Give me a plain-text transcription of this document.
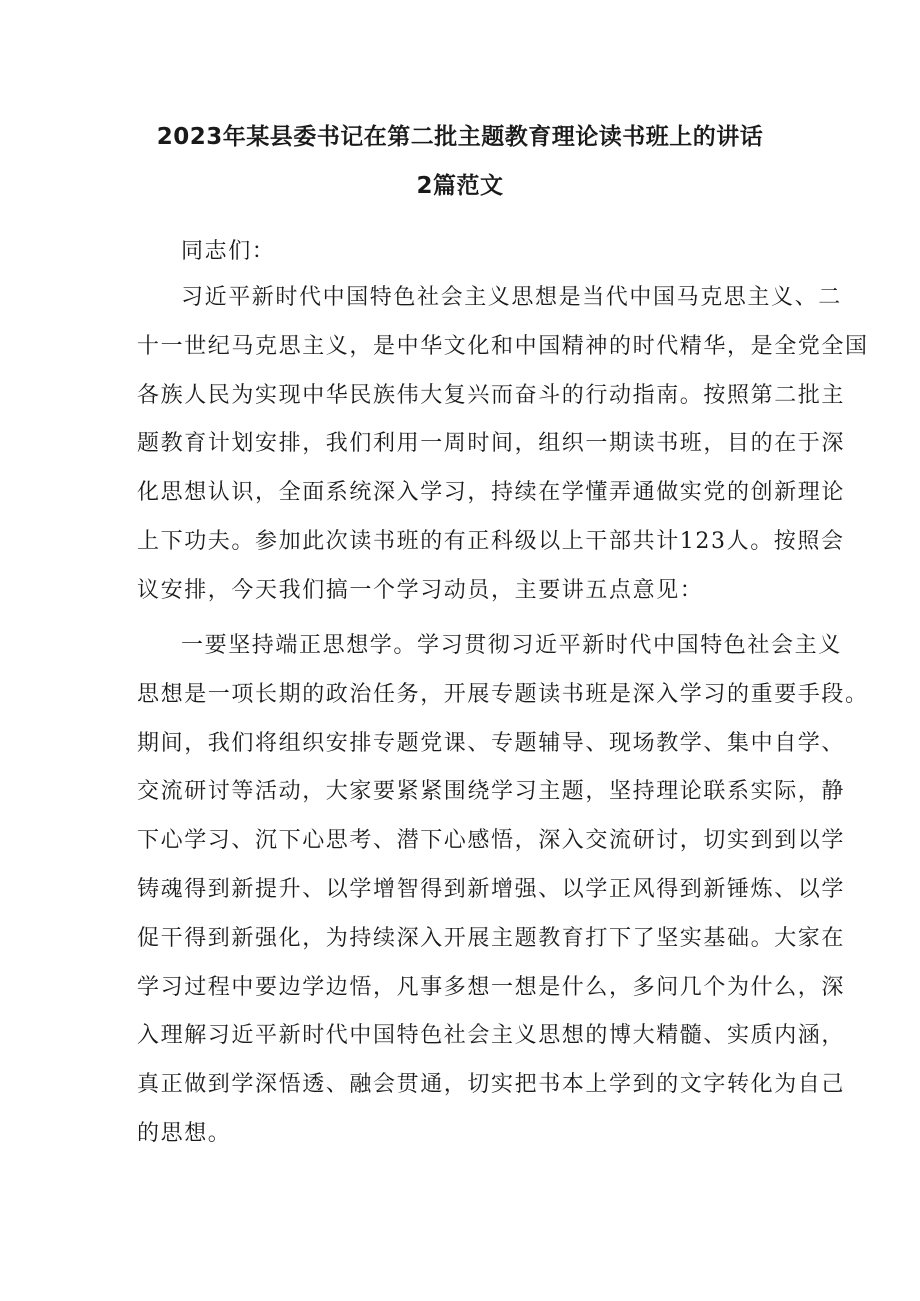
2023年某县委书记在第二批主题教育理论读书班上的讲话
2篇范文
同志们：
习近平新时代中国特色社会主义思想是当代中国马克思主义、二
十一世纪马克思主义，是中华文化和中国精神的时代精华，是全党全国
各族人民为实现中华民族伟大复兴而奋斗的行动指南。按照第二批主
题教育计划安排，我们利用一周时间，组织一期读书班，目的在于深
化思想认识，全面系统深入学习，持续在学懂弄通做实党的创新理论
上下功夫。参加此次读书班的有正科级以上干部共计123人。按照会
议安排，今天我们搞一个学习动员，主要讲五点意见：
一要坚持端正思想学。学习贯彻习近平新时代中国特色社会主义
思想是一项长期的政治任务，开展专题读书班是深入学习的重要手段。
期间，我们将组织安排专题党课、专题辅导、现场教学、集中自学、
交流研讨等活动，大家要紧紧围绕学习主题，坚持理论联系实际，静
下心学习、沉下心思考、潜下心感悟，深入交流研讨，切实到到以学
铸魂得到新提升、以学增智得到新增强、以学正风得到新锤炼、以学
促干得到新强化，为持续深入开展主题教育打下了坚实基础。大家在
学习过程中要边学边悟，凡事多想一想是什么，多问几个为什么，深
入理解习近平新时代中国特色社会主义思想的博大精髓、实质内涵，
真正做到学深悟透、融会贯通，切实把书本上学到的文字转化为自己
的思想。
